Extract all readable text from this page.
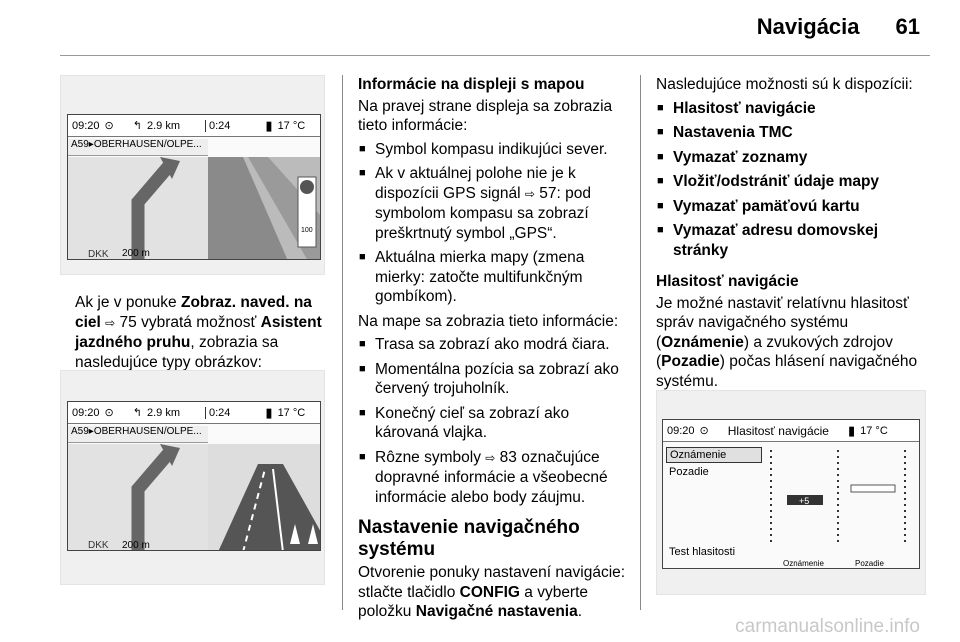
Navigácia 61
09:20 ⊙ ↰ 2.9 km	0:24	▮ 17 °C
A59▸OBERHAUSEN/OLPE...
100
DKK 200 m

Ak je v ponuke Zobraz. naved. na ciel ⇨ 75 vybratá možnosť Asistent jazdného pruhu, zobrazia sa nasledujúce typy obrázkov:

09:20 ⊙ ↰ 2.9 km	0:24	▮ 17 °C
A59▸OBERHAUSEN/OLPE...
DKK 200 m

Informácie na displeji s mapou

Na pravej strane displeja sa zobrazia tieto informácie:

■ Symbol kompasu indikujúci sever.
■ Ak v aktuálnej polohe nie je k dispozícii GPS signál ⇨ 57: pod symbolom kompasu sa zobrazí preškrtnutý symbol „GPS“.
■ Aktuálna mierka mapy (zmena mierky: zatočte multifunkčným gombíkom).

Na mape sa zobrazia tieto informácie:

■ Trasa sa zobrazí ako modrá čiara.
■ Momentálna pozícia sa zobrazí ako červený trojuholník.
■ Konečný cieľ sa zobrazí ako károvaná vlajka.
■ Rôzne symboly ⇨ 83 označujúce dopravné informácie a všeobecné informácie alebo body záujmu.

Nastavenie navigačného systému

Otvorenie ponuky nastavení navigácie: stlačte tlačidlo CONFIG a vyberte položku Navigačné nastavenia.

Nasledujúce možnosti sú k dispozícii:

■ Hlasitosť navigácie
■ Nastavenia TMC
■ Vymazať zoznamy
■ Vložiť/odstrániť údaje mapy
■ Vymazať pamäťovú kartu
■ Vymazať adresu domovskej stránky

Hlasitosť navigácie

Je možné nastaviť relatívnu hlasitosť správ navigačného systému (Oznámenie) a zvukových zdrojov (Pozadie) počas hlásení navigačného systému.

09:20 ⊙ Hlasitosť navigácie ▮ 17 °C
Oznámenie
Pozadie
Test hlasitosti
+5
Oznámenie	Pozadie
carmanualsonline.info
